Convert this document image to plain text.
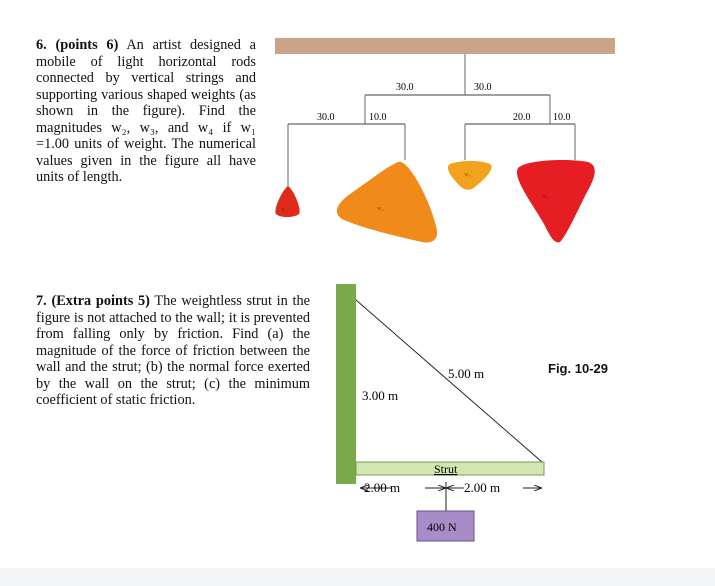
6. (points 6) An artist designed a mobile of light horizontal rods connected by vertical strings and supporting various shaped weights (as shown in the figure). Find the magnitudes w₂, w₃, and w₄ if w₁ =1.00 units of weight. The numerical values given in the figure all have units of length.

30.0	30.0
30.0	10.0	20.0 10.0
w₁	w₂
w₃
w₄

7. (Extra points 5) The weightless strut in the figure is not attached to the wall; it is prevented from falling only by friction. Find (a) the magnitude of the force of friction between the wall and the strut; (b) the normal force exerted by the wall on the strut; (c) the minimum coefficient of static friction.

5.00 m
3.00 m
Strut
2.00 m	2.00 m
400 N
Fig. 10-29
